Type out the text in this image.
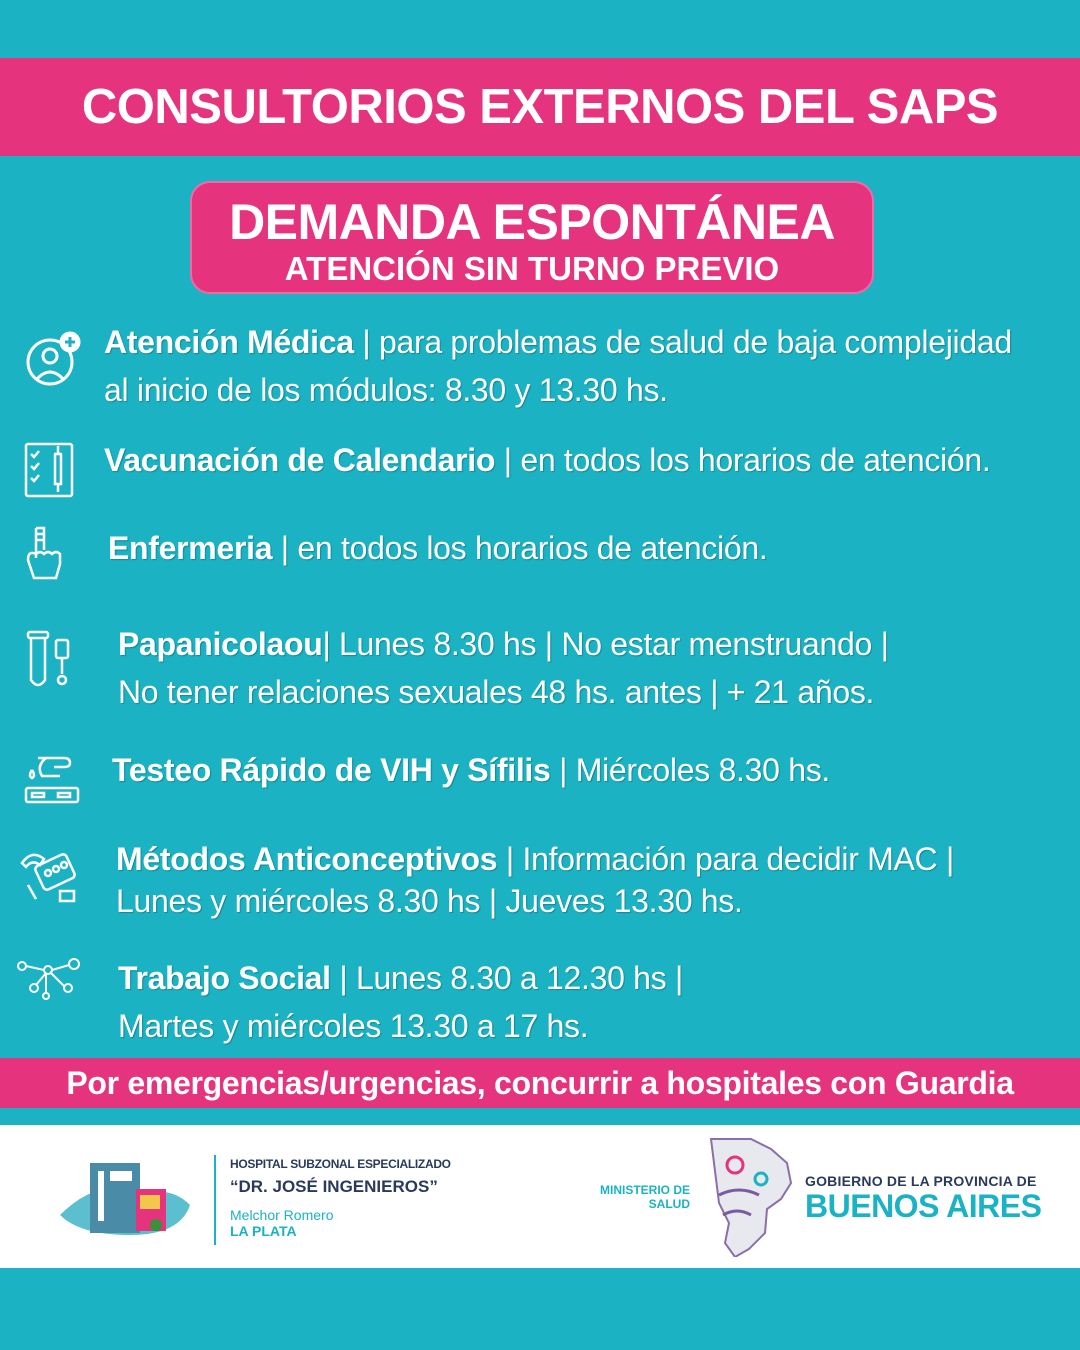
CONSULTORIOS EXTERNOS DEL SAPS
DEMANDA ESPONTÁNEA
ATENCIÓN SIN TURNO PREVIO
Atención Médica | para problemas de salud de baja complejidad
al inicio de los módulos: 8.30 y 13.30 hs.
Vacunación de Calendario | en todos los horarios de atención.
Enfermeria | en todos los horarios de atención.
Papanicolaou| Lunes 8.30 hs | No estar menstruando |
No tener relaciones sexuales 48 hs. antes | + 21 años.
Testeo Rápido de VIH y Sífilis | Miércoles 8.30 hs.
Métodos Anticonceptivos | Información para decidir MAC |
Lunes y miércoles 8.30 hs | Jueves 13.30 hs.
Trabajo Social | Lunes 8.30 a 12.30 hs |
Martes y miércoles 13.30 a 17 hs.
Por emergencias/urgencias, concurrir a hospitales con Guardia
HOSPITAL SUBZONAL ESPECIALIZADO
“DR. JOSÉ INGENIEROS”
Melchor Romero
LA PLATA
MINISTERIO DE
SALUD
GOBIERNO DE LA PROVINCIA DE
BUENOS AIRES
